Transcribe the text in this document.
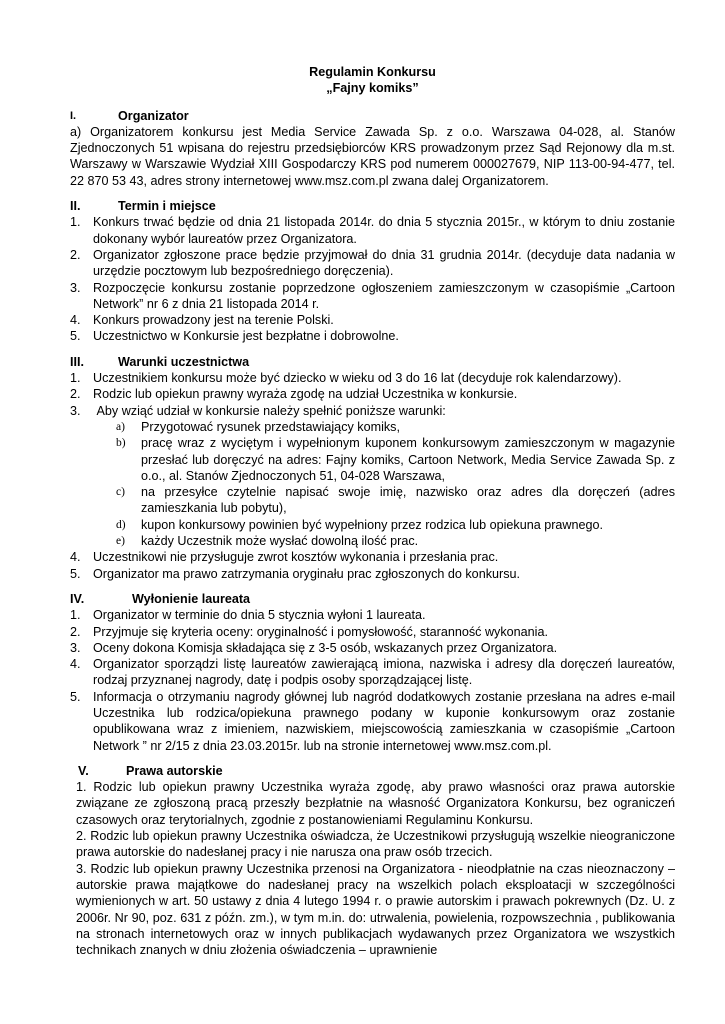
Regulamin Konkursu
„Fajny komiks”
I.	Organizator
a) Organizatorem konkursu jest Media Service Zawada Sp. z o.o. Warszawa 04-028, al. Stanów Zjednoczonych 51 wpisana do rejestru przedsiębiorców KRS prowadzonym przez Sąd Rejonowy dla m.st. Warszawy w Warszawie Wydział XIII Gospodarczy KRS pod numerem 000027679, NIP 113-00-94-477, tel. 22 870 53 43, adres strony internetowej www.msz.com.pl zwana dalej Organizatorem.
II.	Termin i miejsce
1. Konkurs trwać będzie od dnia 21 listopada 2014r. do dnia 5 stycznia 2015r., w którym to dniu zostanie dokonany wybór laureatów przez Organizatora.
2. Organizator zgłoszone prace będzie przyjmował do dnia 31 grudnia 2014r. (decyduje data nadania w urzędzie pocztowym lub bezpośredniego doręczenia).
3. Rozpoczęcie konkursu zostanie poprzedzone ogłoszeniem zamieszczonym w czasopiśmie „Cartoon Network” nr 6 z dnia 21 listopada 2014 r.
4. Konkurs prowadzony jest na terenie Polski.
5. Uczestnictwo w Konkursie jest bezpłatne i dobrowolne.
III.	Warunki uczestnictwa
1. Uczestnikiem konkursu może być dziecko w wieku od 3 do 16 lat (decyduje rok kalendarzowy).
2. Rodzic lub opiekun prawny wyraża zgodę na udział Uczestnika w konkursie.
3. Aby wziąć udział w konkursie należy spełnić poniższe warunki:
a)	Przygotować rysunek przedstawiający komiks,
b)	pracę wraz z wyciętym i wypełnionym kuponem konkursowym zamieszczonym w magazynie przesłać lub doręczyć na adres: Fajny komiks, Cartoon Network, Media Service Zawada Sp. z o.o., al. Stanów Zjednoczonych 51, 04-028 Warszawa,
c)	na przesyłce czytelnie napisać swoje imię, nazwisko oraz adres dla doręczeń (adres zamieszkania lub pobytu),
d)	kupon konkursowy powinien być wypełniony przez rodzica lub opiekuna prawnego.
e)	każdy Uczestnik może wysłać dowolną ilość prac.
4. Uczestnikowi nie przysługuje zwrot kosztów wykonania i przesłania prac.
5. Organizator ma prawo zatrzymania oryginału prac zgłoszonych do konkursu.
IV.	Wyłonienie laureata
1. Organizator w terminie do dnia 5 stycznia wyłoni 1 laureata.
2. Przyjmuje się kryteria oceny: oryginalność i pomysłowość, staranność wykonania.
3. Oceny dokona Komisja składająca się z 3-5 osób, wskazanych przez Organizatora.
4. Organizator sporządzi listę laureatów zawierającą imiona, nazwiska i adresy dla doręczeń laureatów, rodzaj przyznanej nagrody, datę i podpis osoby sporządzającej listę.
5. Informacja o otrzymaniu nagrody głównej lub nagród dodatkowych zostanie przesłana na adres e-mail Uczestnika lub rodzica/opiekuna prawnego podany w kuponie konkursowym oraz zostanie opublikowana wraz z imieniem, nazwiskiem, miejscowością zamieszkania w czasopiśmie „Cartoon Network ” nr 2/15 z dnia 23.03.2015r. lub na stronie internetowej www.msz.com.pl.
V.	Prawa autorskie
1. Rodzic lub opiekun prawny Uczestnika wyraża zgodę, aby prawo własności oraz prawa autorskie związane ze zgłoszoną pracą przeszły bezpłatnie na własność Organizatora Konkursu, bez ograniczeń czasowych oraz terytorialnych, zgodnie z postanowieniami Regulaminu Konkursu.
2. Rodzic lub opiekun prawny Uczestnika oświadcza, że Uczestnikowi przysługują wszelkie nieograniczone prawa autorskie do nadesłanej pracy i nie narusza ona praw osób trzecich.
3. Rodzic lub opiekun prawny Uczestnika przenosi na Organizatora - nieodpłatnie na czas nieoznaczony – autorskie prawa majątkowe do nadesłanej pracy na wszelkich polach eksploatacji w szczególności wymienionych w art. 50 ustawy z dnia 4 lutego 1994 r. o prawie autorskim i prawach pokrewnych (Dz. U. z 2006r. Nr 90, poz. 631 z późn. zm.), w tym m.in. do: utrwalenia, powielenia, rozpowszechnia , publikowania na stronach internetowych oraz w innych publikacjach wydawanych przez Organizatora we wszystkich technikach znanych w dniu złożenia oświadczenia – uprawnienie
